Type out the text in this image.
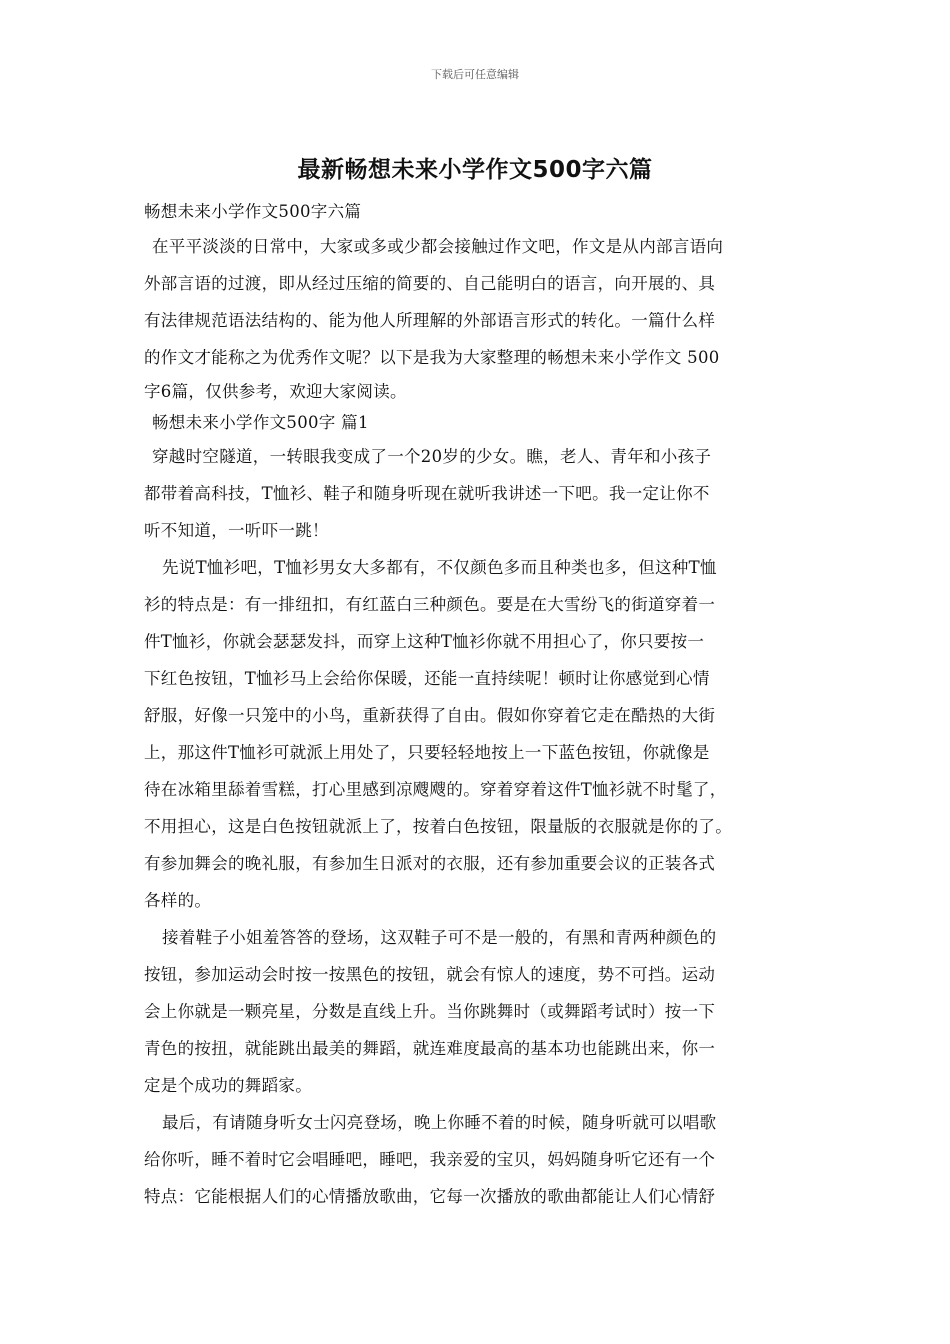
下载后可任意编辑
最新畅想未来小学作文500字六篇
畅想未来小学作文500字六篇
在平平淡淡的日常中，大家或多或少都会接触过作文吧，作文是从内部言语向
外部言语的过渡，即从经过压缩的简要的、自己能明白的语言，向开展的、具
有法律规范语法结构的、能为他人所理解的外部语言形式的转化。一篇什么样
的作文才能称之为优秀作文呢？以下是我为大家整理的畅想未来小学作文 500
字6篇，仅供参考，欢迎大家阅读。
畅想未来小学作文500字 篇1
穿越时空隧道，一转眼我变成了一个20岁的少女。瞧，老人、青年和小孩子
都带着高科技，T恤衫、鞋子和随身听现在就听我讲述一下吧。我一定让你不
听不知道，一听吓一跳！
先说T恤衫吧，T恤衫男女大多都有，不仅颜色多而且种类也多，但这种T恤
衫的特点是：有一排纽扣，有红蓝白三种颜色。要是在大雪纷飞的街道穿着一
件T恤衫，你就会瑟瑟发抖，而穿上这种T恤衫你就不用担心了，你只要按一
下红色按钮，T恤衫马上会给你保暖，还能一直持续呢！顿时让你感觉到心情
舒服，好像一只笼中的小鸟，重新获得了自由。假如你穿着它走在酷热的大街
上，那这件T恤衫可就派上用处了，只要轻轻地按上一下蓝色按钮，你就像是
待在冰箱里舔着雪糕，打心里感到凉飕飕的。穿着穿着这件T恤衫就不时髦了，
不用担心，这是白色按钮就派上了，按着白色按钮，限量版的衣服就是你的了。
有参加舞会的晚礼服，有参加生日派对的衣服，还有参加重要会议的正装各式
各样的。
接着鞋子小姐羞答答的登场，这双鞋子可不是一般的，有黑和青两种颜色的
按钮，参加运动会时按一按黑色的按钮，就会有惊人的速度，势不可挡。运动
会上你就是一颗亮星，分数是直线上升。当你跳舞时（或舞蹈考试时）按一下
青色的按扭，就能跳出最美的舞蹈，就连难度最高的基本功也能跳出来，你一
定是个成功的舞蹈家。
最后，有请随身听女士闪亮登场，晚上你睡不着的时候，随身听就可以唱歌
给你听，睡不着时它会唱睡吧，睡吧，我亲爱的宝贝，妈妈随身听它还有一个
特点：它能根据人们的心情播放歌曲，它每一次播放的歌曲都能让人们心情舒
